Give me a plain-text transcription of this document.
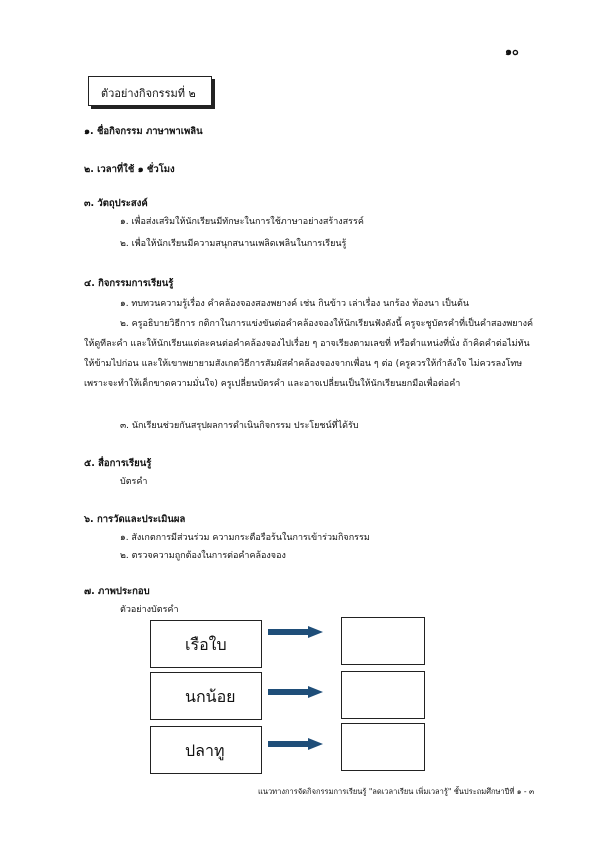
๑๐
ตัวอย่างกิจกรรมที่ ๒
๑. ชื่อกิจกรรม ภาษาพาเพลิน
๒. เวลาที่ใช้ ๑ ชั่วโมง
๓. วัตถุประสงค์
๑. เพื่อส่งเสริมให้นักเรียนมีทักษะในการใช้ภาษาอย่างสร้างสรรค์
๒. เพื่อให้นักเรียนมีความสนุกสนานเพลิดเพลินในการเรียนรู้
๔. กิจกรรมการเรียนรู้
๑. ทบทวนความรู้เรื่อง คำคล้องจองสองพยางค์ เช่น กินข้าว เล่าเรื่อง นกร้อง ท้องนา เป็นต้น
๒. ครูอธิบายวิธีการ กติกาในการแข่งขันต่อคำคล้องจองให้นักเรียนฟังดังนี้ ครูจะชูบัตรคำที่เป็นคำสองพยางค์ให้ดูทีละคำ และให้นักเรียนแต่ละคนต่อคำคล้องจองไปเรื่อย ๆ อาจเรียงตามเลขที่ หรือตำแหน่งที่นั่ง ถ้าคิดคำต่อไม่ทันให้ข้ามไปก่อน และให้เขาพยายามสังเกตวิธีการสัมผัสคำคล้องจองจากเพื่อน ๆ ต่อ (ครูควรให้กำลังใจ ไม่ควรลงโทษ เพราะจะทำให้เด็กขาดความมั่นใจ) ครูเปลี่ยนบัตรคำ และอาจเปลี่ยนเป็นให้นักเรียนยกมือเพื่อต่อคำ
๓. นักเรียนช่วยกันสรุปผลการดำเนินกิจกรรม ประโยชน์ที่ได้รับ
๕. สื่อการเรียนรู้
บัตรคำ
๖. การวัดและประเมินผล
๑. สังเกตการมีส่วนร่วม ความกระตือรือร้นในการเข้าร่วมกิจกรรม
๒. ตรวจความถูกต้องในการต่อคำคล้องจอง
๗. ภาพประกอบ
ตัวอย่างบัตรคำ
เรือใบ
นกน้อย
ปลาทู
แนวทางการจัดกิจกรรมการเรียนรู้ "ลดเวลาเรียน เพิ่มเวลารู้" ชั้นประถมศึกษาปีที่ ๑ - ๓
